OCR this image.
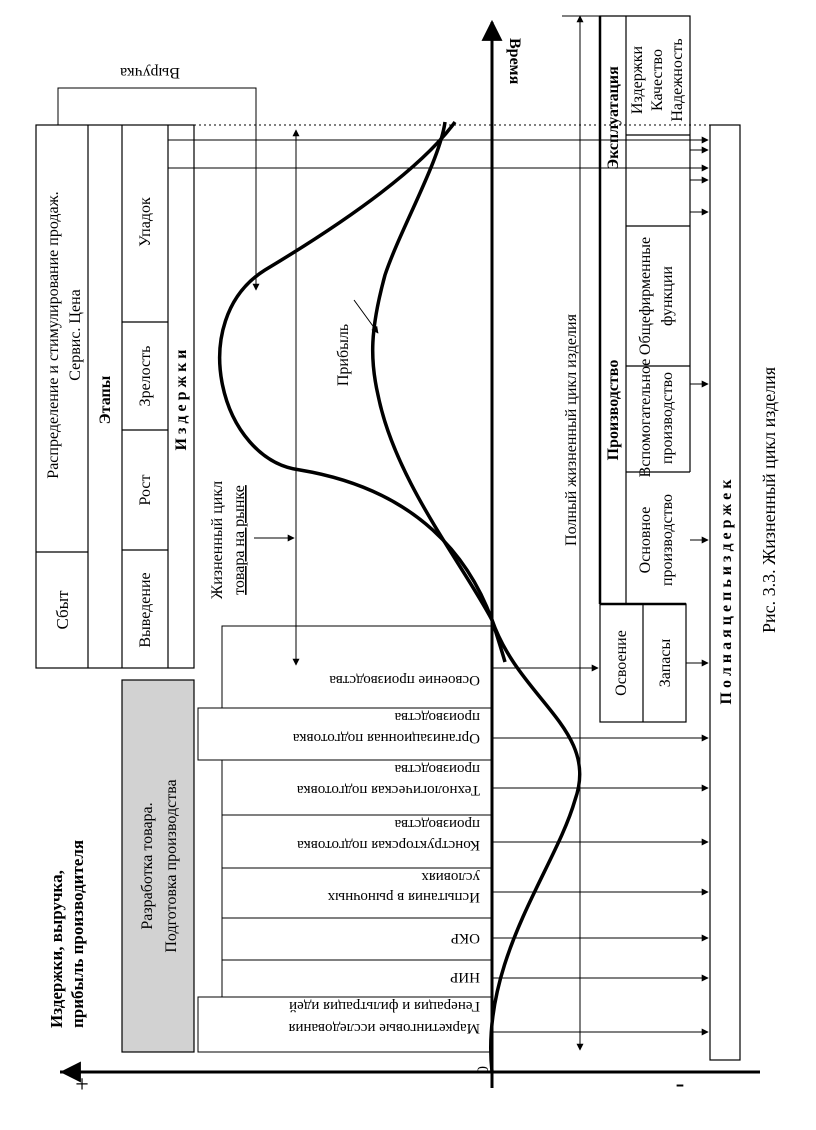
+	-
0
Издержки, выручка, прибыль производителя
Время
Выручка
Сбыт
Распределение и стимулирование продаж. Сервис. Цена
Этапы
Выведение
Рост
Зрелость
Упадок
И з д е р ж к и
Разработка товара. Подготовка производства
Маркетинговые исследования
Генерация и фильтрация идей
НИР
ОКР
Испытания в рыночных
условиях
Конструкторская подготовка
производства
Технологическая подготовка
производства
Организационная подготовка
производства
Освоение производства
Прибыль
Жизненный цикл товара на рынке	Полный жизненный цикл изделия
Освоение Запасы
Производство
Основное производство
Вспомогательное производство
Общефирменные функции
Эксплуатация Издержки Качество Надежность
П о л н а я ц е п ь и з д е р ж е к Рис. 3.3. Жизненный цикл изделия
